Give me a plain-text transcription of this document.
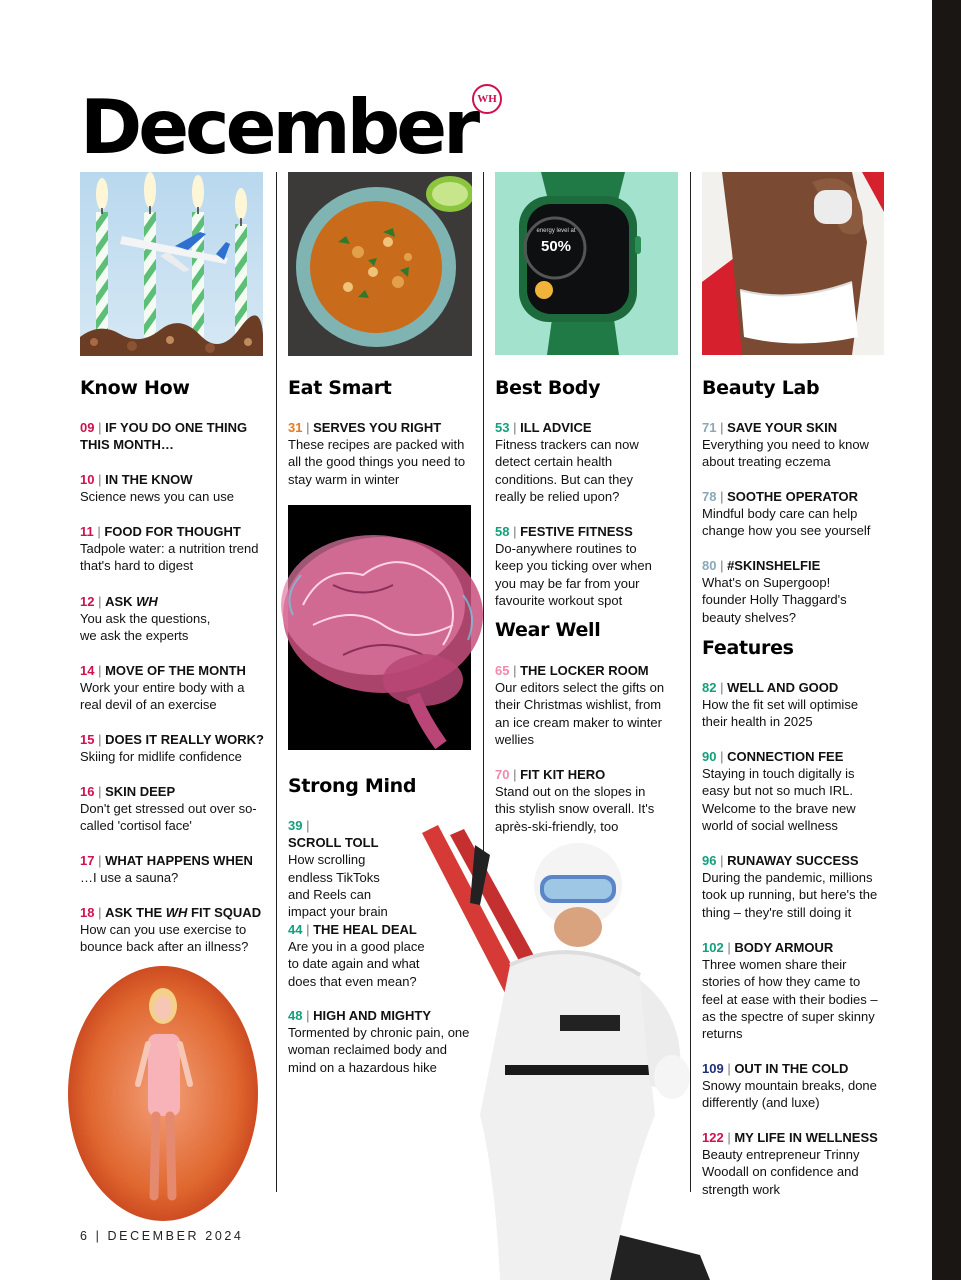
December WH
energy level at
50%
Know How	Eat Smart	Best Body	Beauty Lab
Strong Mind
Wear Well
Features
09 | IF YOU DO ONE THING THIS MONTH…
10 | IN THE KNOW
Science news you can use
11 | FOOD FOR THOUGHT
Tadpole water: a nutrition trend that's hard to digest
12 | ASK WH
You ask the questions, we ask the experts
14 | MOVE OF THE MONTH
Work your entire body with a real devil of an exercise
15 | DOES IT REALLY WORK?
Skiing for midlife confidence
16 | SKIN DEEP
Don't get stressed out over so-called 'cortisol face'
17 | WHAT HAPPENS WHEN
…I use a sauna?
18 | ASK THE WH FIT SQUAD
How can you use exercise to bounce back after an illness?
31 | SERVES YOU RIGHT
These recipes are packed with all the good things you need to stay warm in winter
39 | SCROLL TOLL
How scrolling endless TikToks and Reels can impact your brain
44 | THE HEAL DEAL
Are you in a good place to date again and what does that even mean?
48 | HIGH AND MIGHTY
Tormented by chronic pain, one woman reclaimed body and mind on a hazardous hike
53 | ILL ADVICE
Fitness trackers can now detect certain health conditions. But can they really be relied upon?
58 | FESTIVE FITNESS
Do-anywhere routines to keep you ticking over when you may be far from your favourite workout spot
65 | THE LOCKER ROOM
Our editors select the gifts on their Christmas wishlist, from an ice cream maker to winter wellies
70 | FIT KIT HERO
Stand out on the slopes in this stylish snow overall. It's après-ski-friendly, too
71 | SAVE YOUR SKIN
Everything you need to know about treating eczema
78 | SOOTHE OPERATOR
Mindful body care can help change how you see yourself
80 | #SKINSHELFIE
What's on Supergoop! founder Holly Thaggard's beauty shelves?
82 | WELL AND GOOD
How the fit set will optimise their health in 2025
90 | CONNECTION FEE
Staying in touch digitally is easy but not so much IRL. Welcome to the brave new world of social wellness
96 | RUNAWAY SUCCESS
During the pandemic, millions took up running, but here's the thing – they're still doing it
102 | BODY ARMOUR
Three women share their stories of how they came to feel at ease with their bodies – as the spectre of super skinny returns
109 | OUT IN THE COLD
Snowy mountain breaks, done differently (and luxe)
122 | MY LIFE IN WELLNESS
Beauty entrepreneur Trinny Woodall on confidence and strength work
6 | DECEMBER 2024
